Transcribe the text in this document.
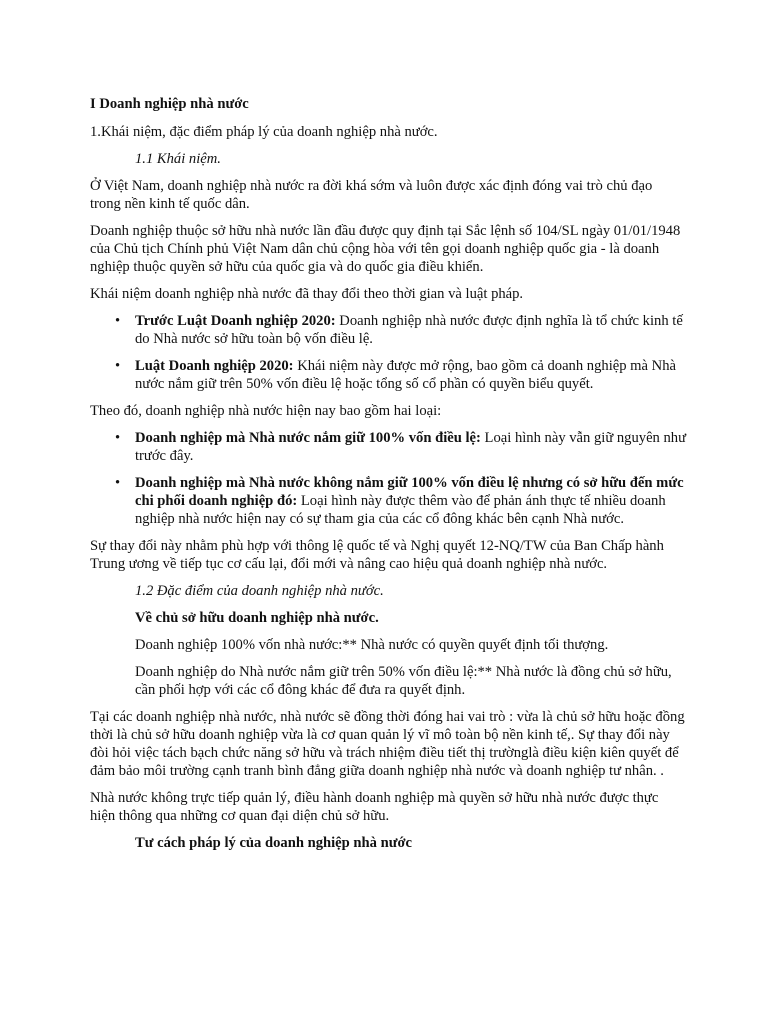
I Doanh nghiệp nhà nước

1.Khái niệm, đặc điểm pháp lý của doanh nghiệp nhà nước.

1.1 Khái niệm.

Ở Việt Nam, doanh nghiệp nhà nước ra đời khá sớm và luôn được xác định đóng vai trò chủ đạo trong nền kinh tế quốc dân.

Doanh nghiệp thuộc sở hữu nhà nước lần đầu được quy định tại Sắc lệnh số 104/SL ngày 01/01/1948 của Chủ tịch Chính phủ Việt Nam dân chủ cộng hòa với tên gọi doanh nghiệp quốc gia - là doanh nghiệp thuộc quyền sở hữu của quốc gia và do quốc gia điều khiển.

Khái niệm doanh nghiệp nhà nước đã thay đổi theo thời gian và luật pháp.

• Trước Luật Doanh nghiệp 2020: Doanh nghiệp nhà nước được định nghĩa là tổ chức kinh tế do Nhà nước sở hữu toàn bộ vốn điều lệ.
• Luật Doanh nghiệp 2020: Khái niệm này được mở rộng, bao gồm cả doanh nghiệp mà Nhà nước nắm giữ trên 50% vốn điều lệ hoặc tổng số cổ phần có quyền biểu quyết.

Theo đó, doanh nghiệp nhà nước hiện nay bao gồm hai loại:

• Doanh nghiệp mà Nhà nước nắm giữ 100% vốn điều lệ: Loại hình này vẫn giữ nguyên như trước đây.
• Doanh nghiệp mà Nhà nước không nắm giữ 100% vốn điều lệ nhưng có sở hữu đến mức chi phối doanh nghiệp đó: Loại hình này được thêm vào để phản ánh thực tế nhiều doanh nghiệp nhà nước hiện nay có sự tham gia của các cổ đông khác bên cạnh Nhà nước.

Sự thay đổi này nhằm phù hợp với thông lệ quốc tế và Nghị quyết 12-NQ/TW của Ban Chấp hành Trung ương về tiếp tục cơ cấu lại, đổi mới và nâng cao hiệu quả doanh nghiệp nhà nước.

1.2 Đặc điểm của doanh nghiệp nhà nước.

Về chủ sở hữu doanh nghiệp nhà nước.

Doanh nghiệp 100% vốn nhà nước:** Nhà nước có quyền quyết định tối thượng.

Doanh nghiệp do Nhà nước nắm giữ trên 50% vốn điều lệ:** Nhà nước là đồng chủ sở hữu, cần phối hợp với các cổ đông khác để đưa ra quyết định.

Tại các doanh nghiệp nhà nước, nhà nước sẽ đồng thời đóng hai vai trò : vừa là chủ sở hữu hoặc đồng thời là chủ sở hữu doanh nghiệp vừa là cơ quan quản lý vĩ mô toàn bộ nền kinh tế,. Sự thay đổi này đòi hỏi việc tách bạch chức năng sở hữu và trách nhiệm điều tiết thị trườnglà điều kiện kiên quyết để đảm bảo môi trường cạnh tranh bình đẳng giữa doanh nghiệp nhà nước và doanh nghiệp tư nhân. .

Nhà nước không trực tiếp quản lý, điều hành doanh nghiệp mà quyền sở hữu nhà nước được thực hiện thông qua những cơ quan đại diện chủ sở hữu.

Tư cách pháp lý của doanh nghiệp nhà nước
